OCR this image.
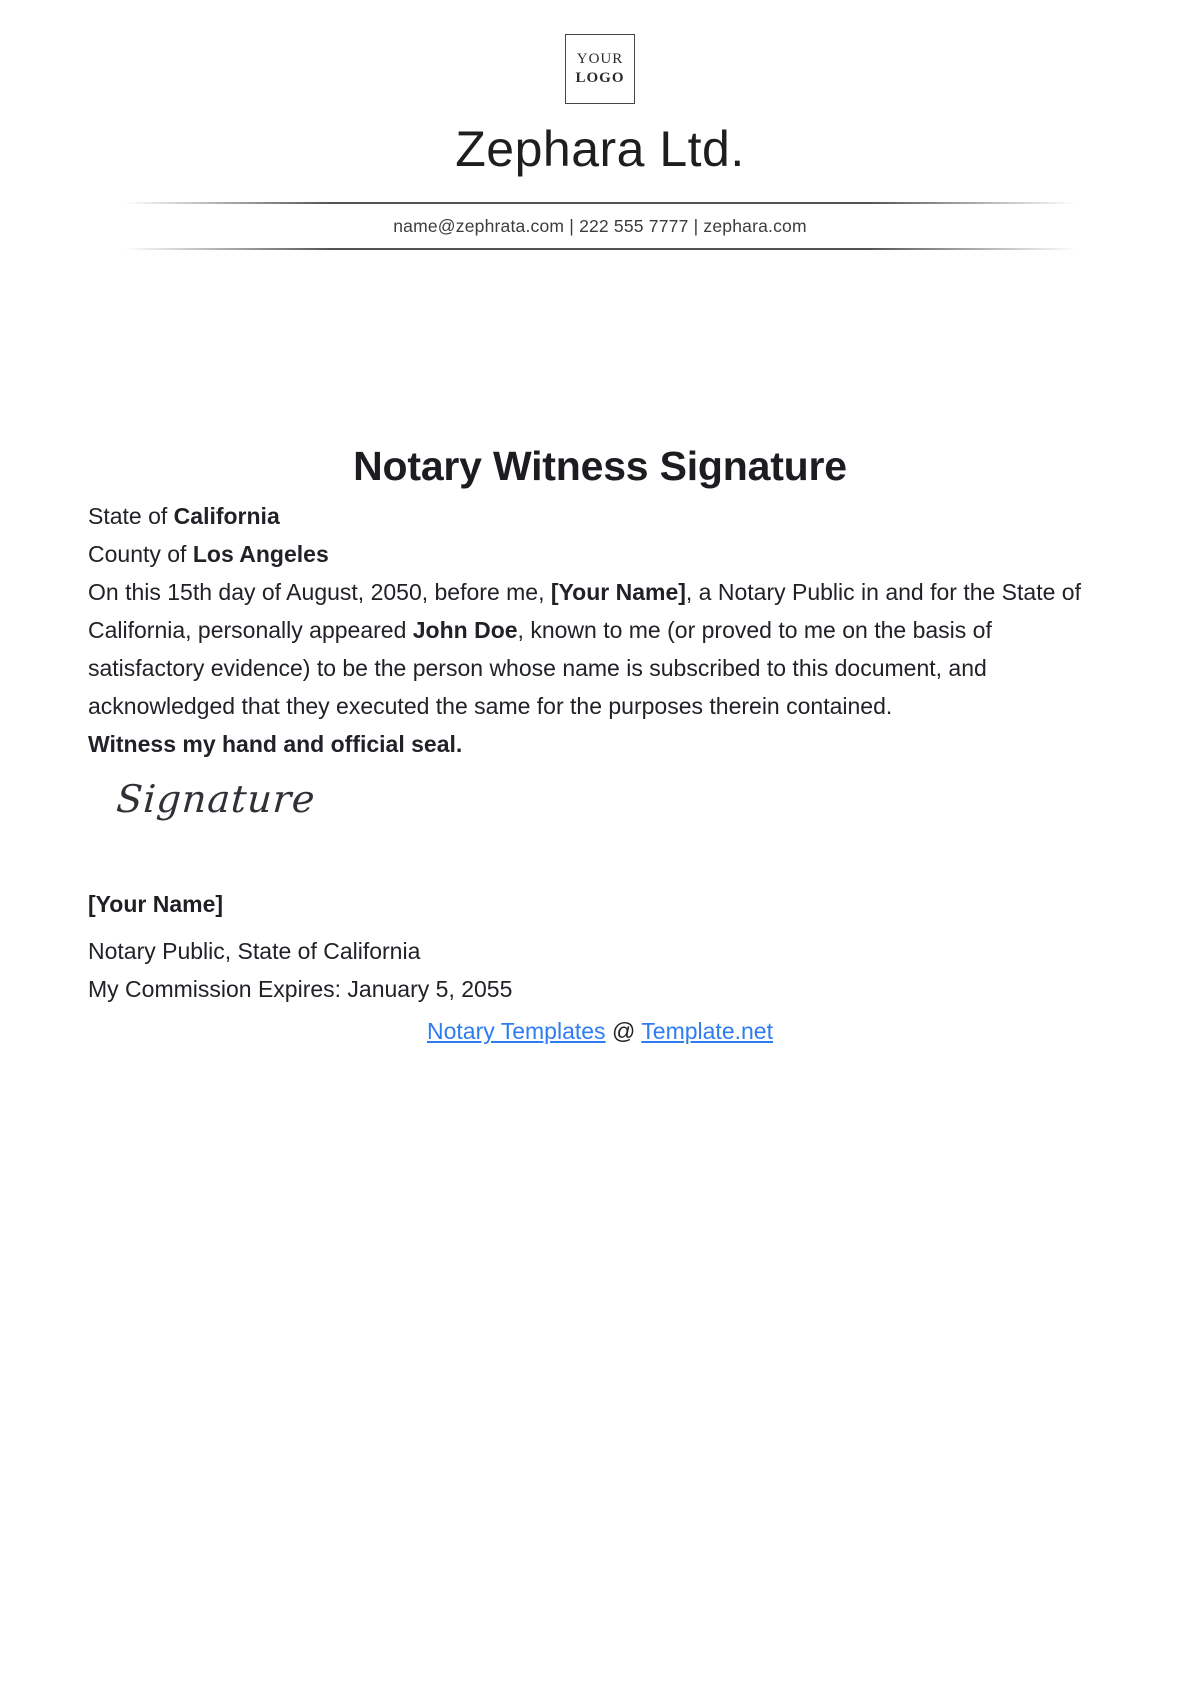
YOUR
LOGO
Zephara Ltd.
name@zephrata.com | 222 555 7777 | zephara.com
Notary Witness Signature

State of California

County of Los Angeles

On this 15th day of August, 2050, before me, [Your Name], a Notary Public in and for the State of California, personally appeared John Doe, known to me (or proved to me on the basis of satisfactory evidence) to be the person whose name is subscribed to this document, and acknowledged that they executed the same for the purposes therein contained.

Witness my hand and official seal.

Signature
[Your Name]

Notary Public, State of California

My Commission Expires: January 5, 2055

Notary Templates @ Template.net
